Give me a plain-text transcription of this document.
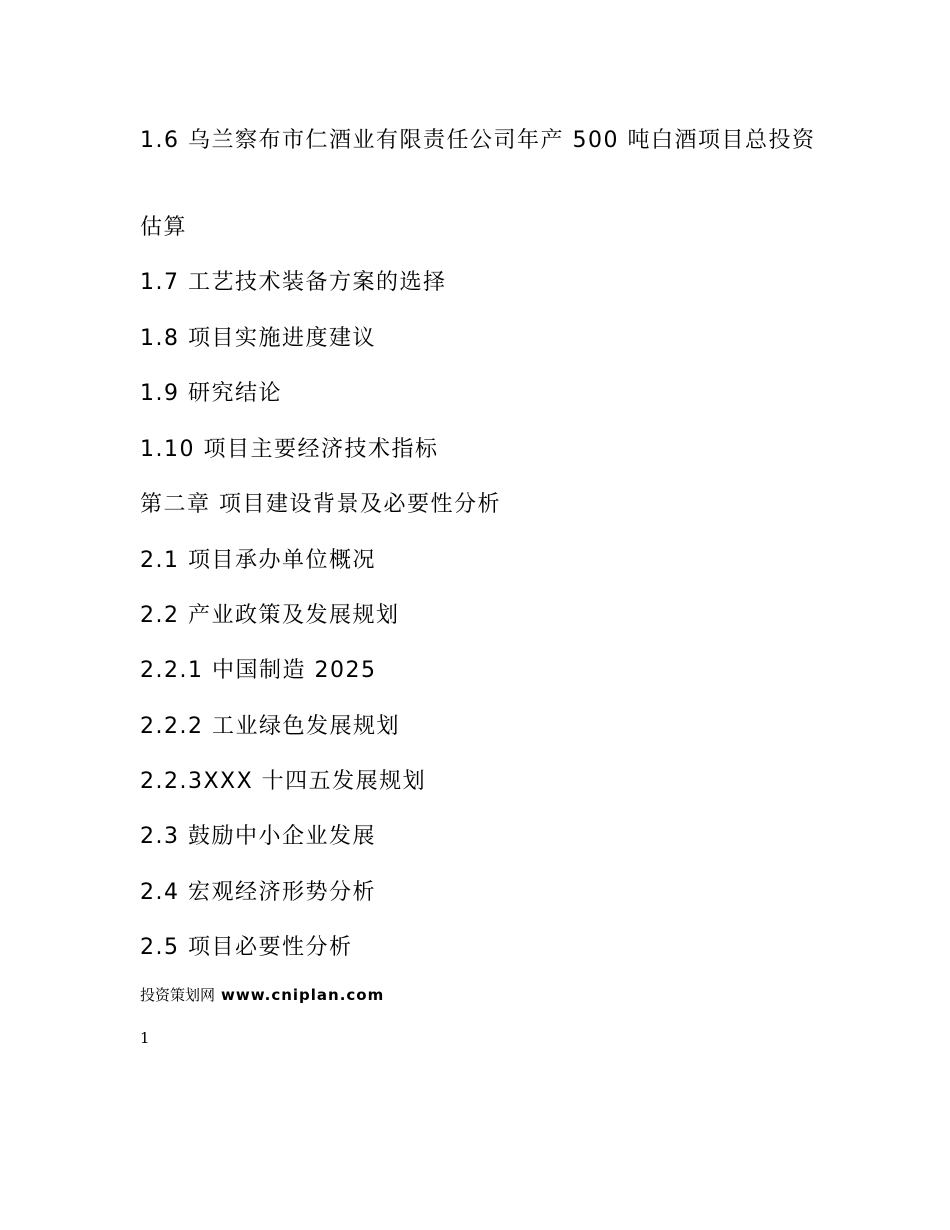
1.6 乌兰察布市仁酒业有限责任公司年产 500 吨白酒项目总投资
估算
1.7 工艺技术装备方案的选择
1.8 项目实施进度建议
1.9 研究结论
1.10 项目主要经济技术指标
第二章 项目建设背景及必要性分析
2.1 项目承办单位概况
2.2 产业政策及发展规划
2.2.1 中国制造 2025
2.2.2 工业绿色发展规划
2.2.3XXX 十四五发展规划
2.3 鼓励中小企业发展
2.4 宏观经济形势分析
2.5 项目必要性分析
投资策划网 www.cniplan.com
1
